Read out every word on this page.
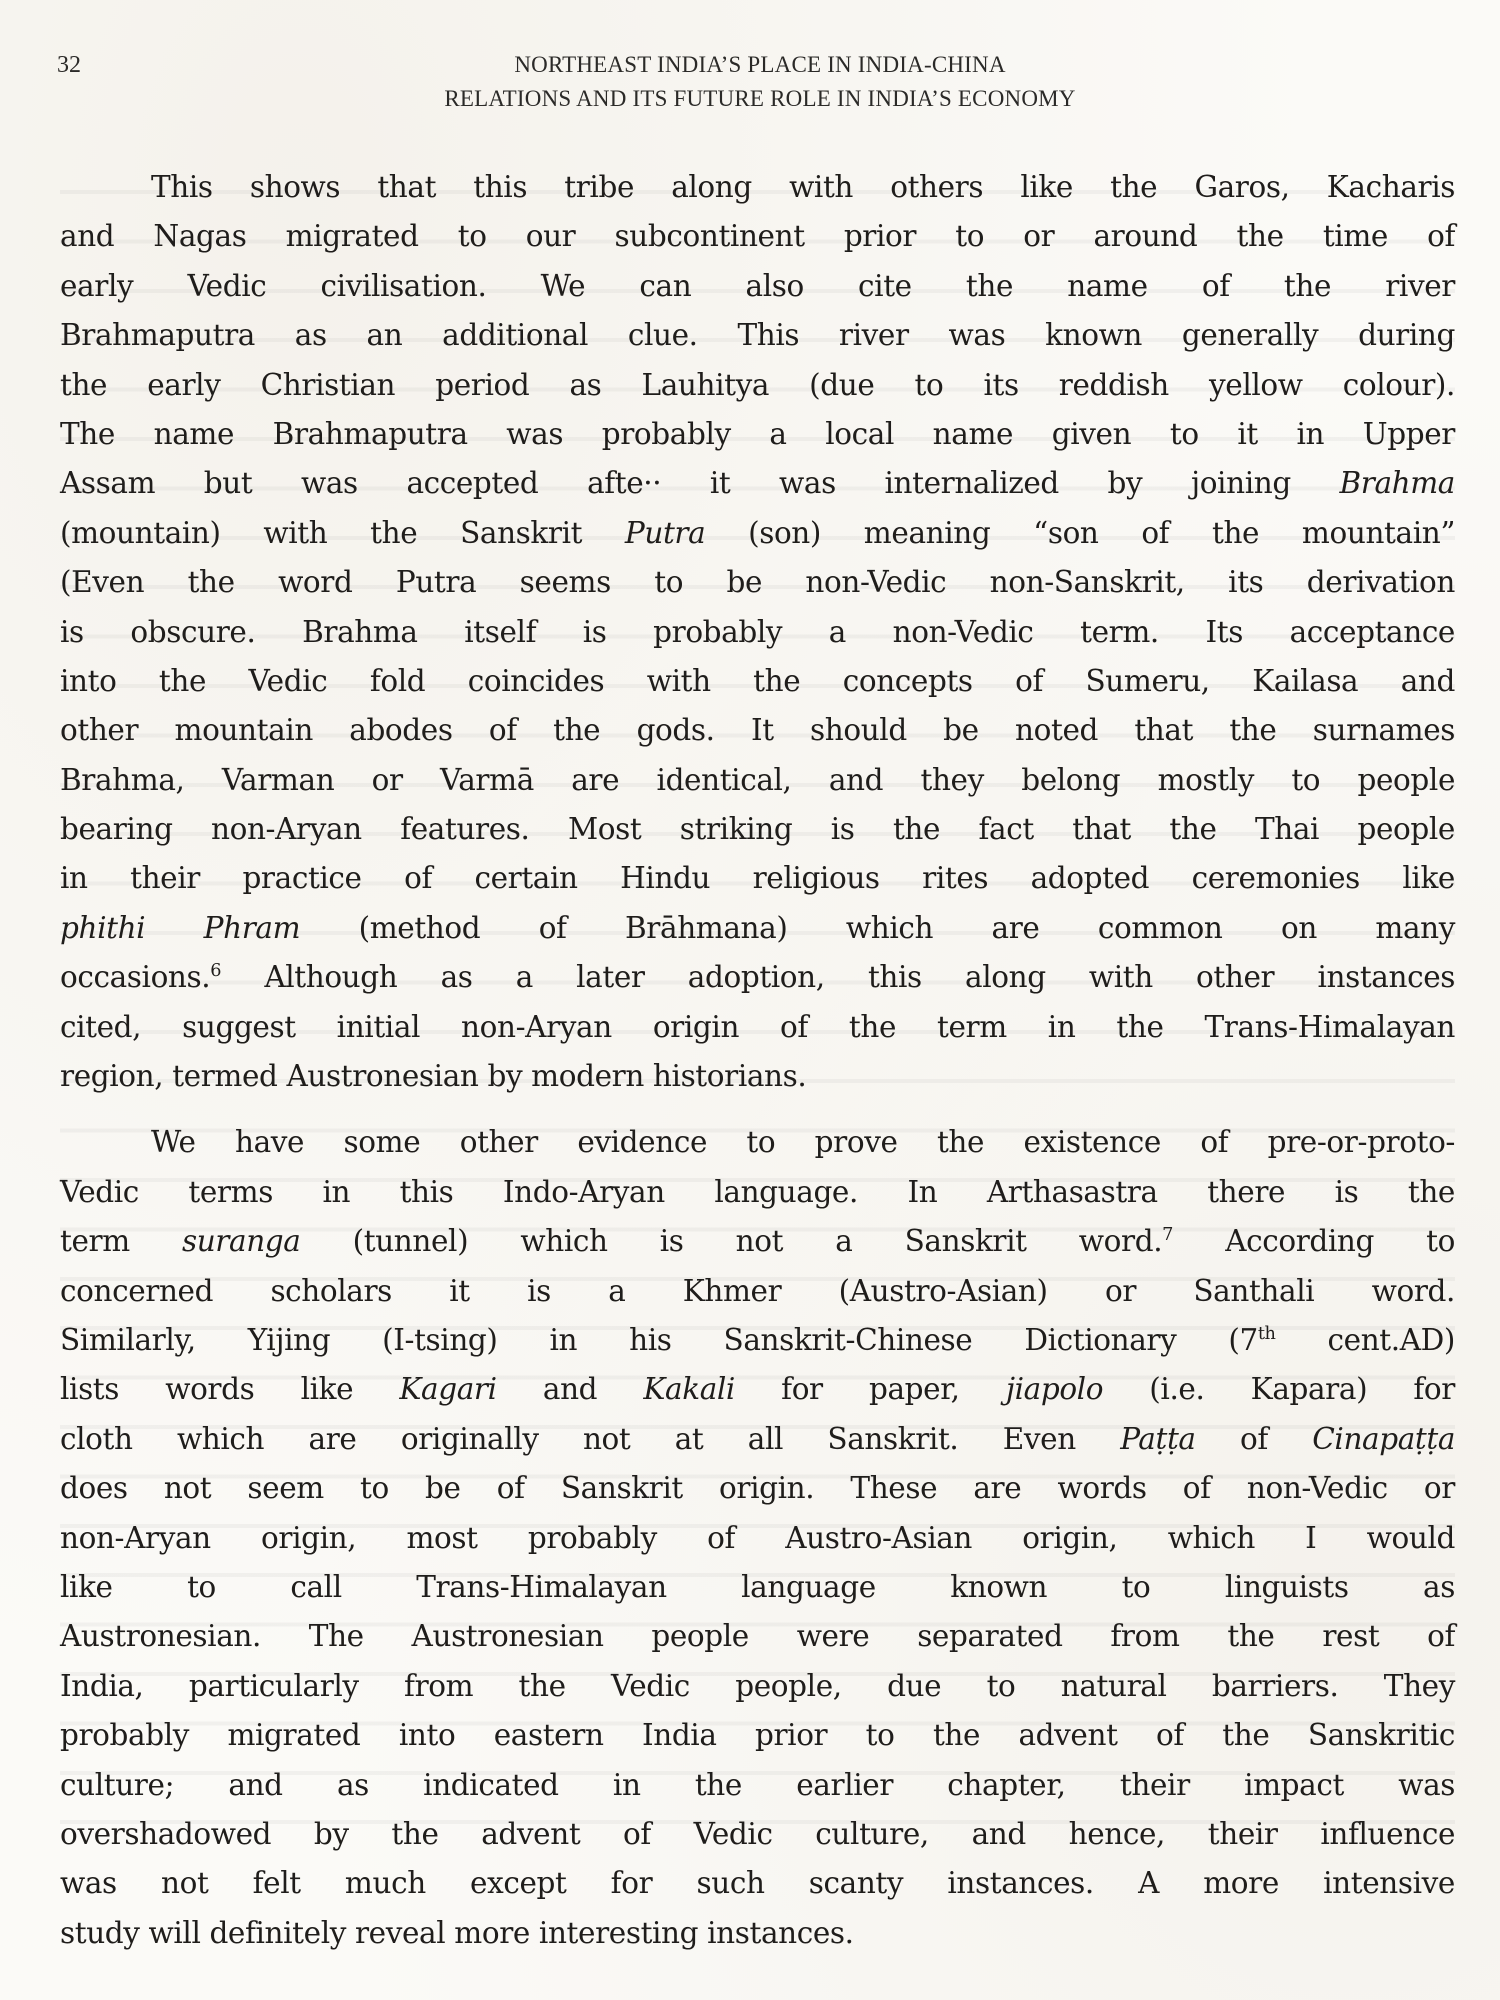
32	NORTHEAST INDIA’S PLACE IN INDIA-CHINA
RELATIONS AND ITS FUTURE ROLE IN INDIA’S ECONOMY
This shows that this tribe along with others like the Garos, Kacharis
and Nagas migrated to our subcontinent prior to or around the time of
early Vedic civilisation. We can also cite the name of the river
Brahmaputra as an additional clue. This river was known generally during
the early Christian period as Lauhitya (due to its reddish yellow colour).
The name Brahmaputra was probably a local name given to it in Upper
Assam but was accepted afte·· it was internalized by joining Brahma
(mountain) with the Sanskrit Putra (son) meaning “son of the mountain”
(Even the word Putra seems to be non-Vedic non-Sanskrit, its derivation
is obscure. Brahma itself is probably a non-Vedic term. Its acceptance
into the Vedic fold coincides with the concepts of Sumeru, Kailasa and
other mountain abodes of the gods. It should be noted that the surnames
Brahma, Varman or Varmā are identical, and they belong mostly to people
bearing non-Aryan features. Most striking is the fact that the Thai people
in their practice of certain Hindu religious rites adopted ceremonies like
phithi Phram (method of Brāhmana) which are common on many
occasions.$^6$ Although as a later adoption, this along with other instances
cited, suggest initial non-Aryan origin of the term in the Trans-Himalayan
region, termed Austronesian by modern historians.
We have some other evidence to prove the existence of pre-or-proto-
Vedic terms in this Indo-Aryan language. In Arthasastra there is the
term suranga (tunnel) which is not a Sanskrit word.$^7$ According to
concerned scholars it is a Khmer (Austro-Asian) or Santhali word.
Similarly, Yijing (I-tsing) in his Sanskrit-Chinese Dictionary (7th cent.AD)
lists words like Kagari and Kakali for paper, jiapolo (i.e. Kapara) for
cloth which are originally not at all Sanskrit. Even Paṭṭa of Cinapaṭṭa
does not seem to be of Sanskrit origin. These are words of non-Vedic or
non-Aryan origin, most probably of Austro-Asian origin, which I would
like to call Trans-Himalayan language known to linguists as
Austronesian. The Austronesian people were separated from the rest of
India, particularly from the Vedic people, due to natural barriers. They
probably migrated into eastern India prior to the advent of the Sanskritic
culture; and as indicated in the earlier chapter, their impact was
overshadowed by the advent of Vedic culture, and hence, their influence
was not felt much except for such scanty instances. A more intensive
study will definitely reveal more interesting instances.
